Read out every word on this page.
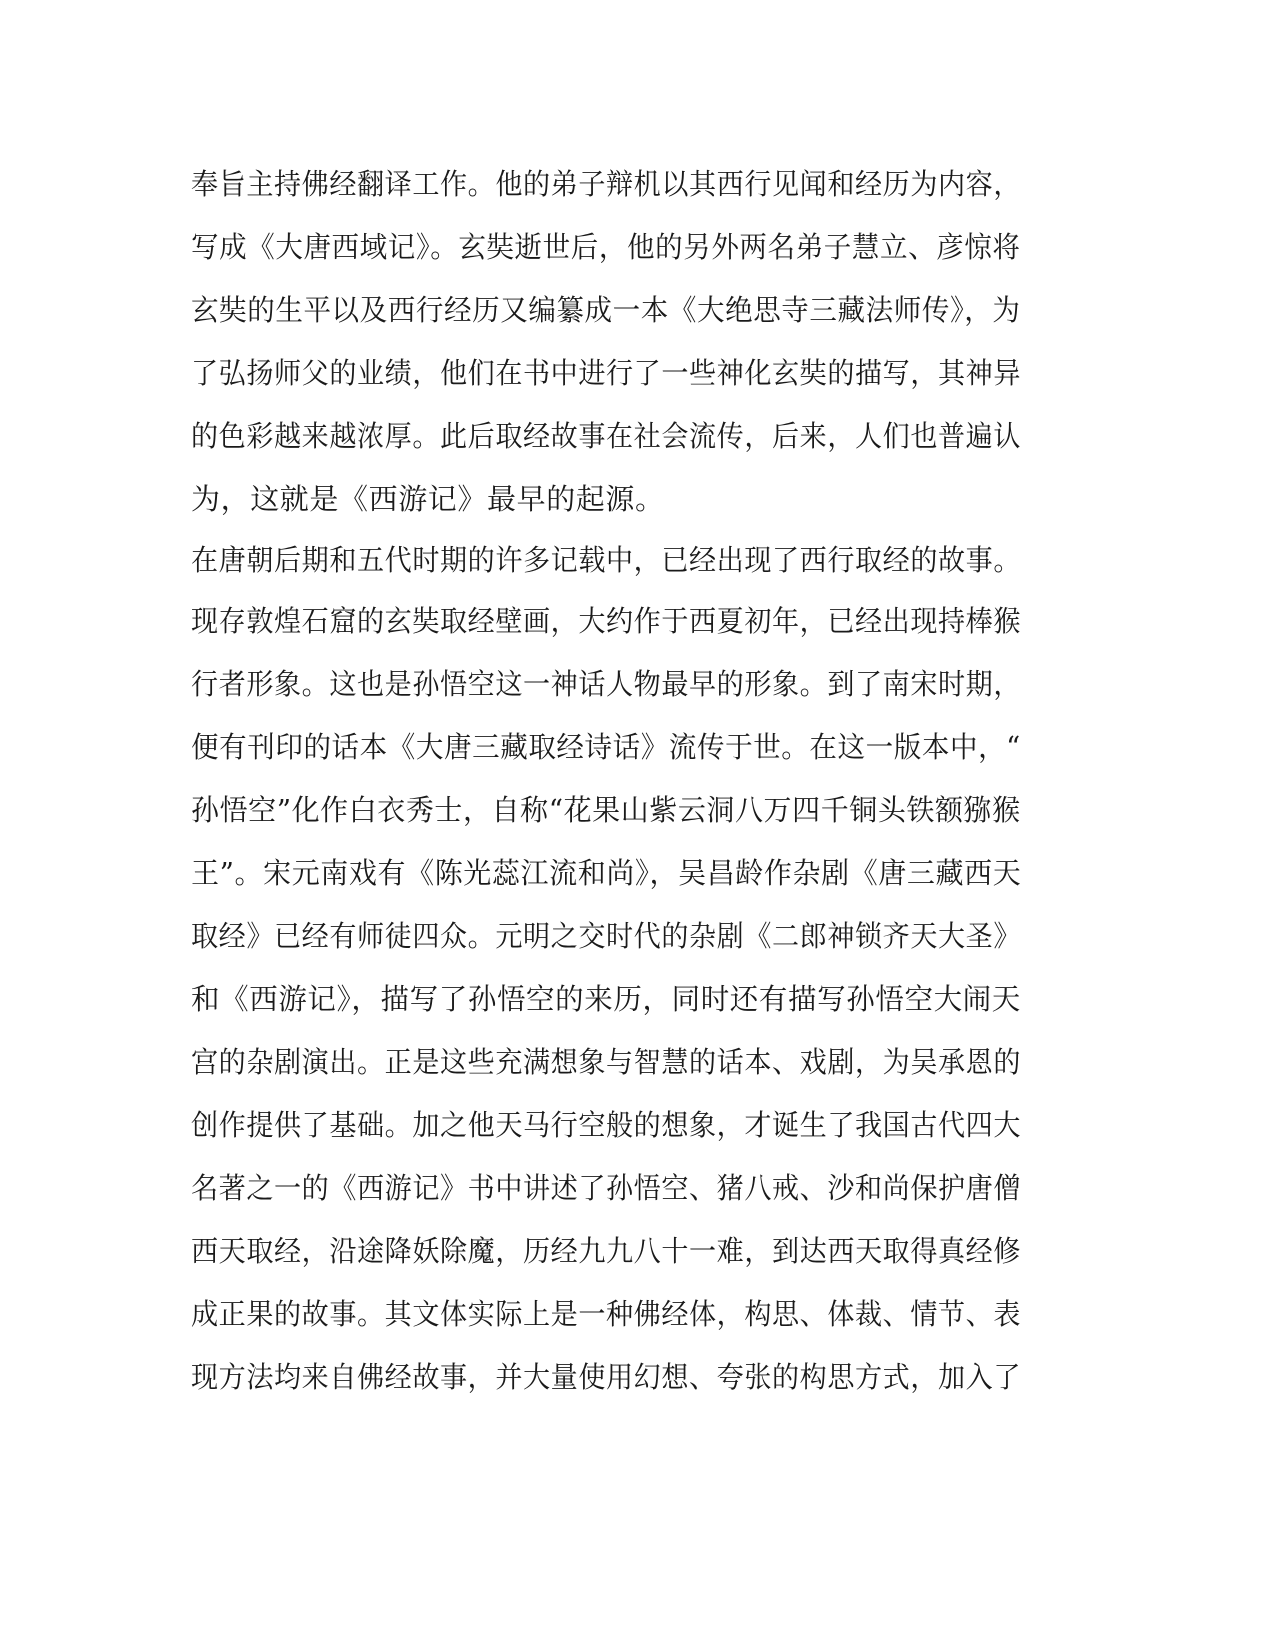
奉旨主持佛经翻译工作。他的弟子辩机以其西行见闻和经历为内容，
写成《大唐西域记》。玄奘逝世后，他的另外两名弟子慧立、彦惊将
玄奘的生平以及西行经历又编纂成一本《大绝思寺三藏法师传》，为
了弘扬师父的业绩，他们在书中进行了一些神化玄奘的描写，其神异
的色彩越来越浓厚。此后取经故事在社会流传，后来，人们也普遍认
为，这就是《西游记》最早的起源。
在唐朝后期和五代时期的许多记载中，已经出现了西行取经的故事。
现存敦煌石窟的玄奘取经壁画，大约作于西夏初年，已经出现持棒猴
行者形象。这也是孙悟空这一神话人物最早的形象。到了南宋时期，
便有刊印的话本《大唐三藏取经诗话》流传于世。在这一版本中，“
孙悟空”化作白衣秀士，自称“花果山紫云洞八万四千铜头铁额猕猴
王”。宋元南戏有《陈光蕊江流和尚》，吴昌龄作杂剧《唐三藏西天
取经》已经有师徒四众。元明之交时代的杂剧《二郎神锁齐天大圣》
和《西游记》，描写了孙悟空的来历，同时还有描写孙悟空大闹天
宫的杂剧演出。正是这些充满想象与智慧的话本、戏剧，为吴承恩的
创作提供了基础。加之他天马行空般的想象，才诞生了我国古代四大
名著之一的《西游记》书中讲述了孙悟空、猪八戒、沙和尚保护唐僧
西天取经，沿途降妖除魔，历经九九八十一难，到达西天取得真经修
成正果的故事。其文体实际上是一种佛经体，构思、体裁、情节、表
现方法均来自佛经故事，并大量使用幻想、夸张的构思方式，加入了
